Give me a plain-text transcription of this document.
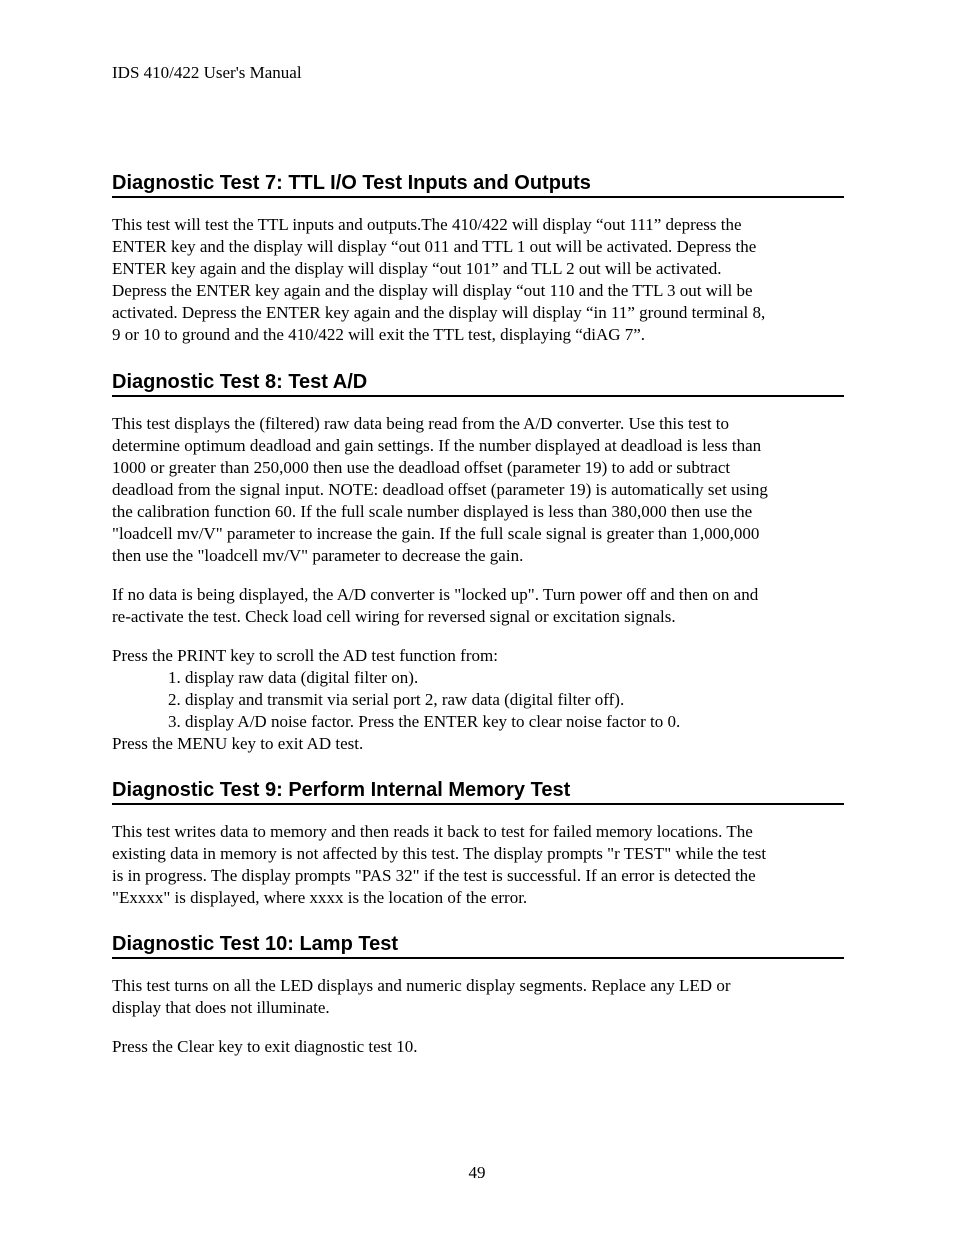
IDS 410/422 User's Manual

Diagnostic Test 7: TTL I/O Test Inputs and Outputs

This test will test the TTL inputs and outputs.The 410/422 will display “out 111” depress the
ENTER key and the display will display “out 011 and TTL 1 out will be activated. Depress the
ENTER key again and the display will display “out 101” and TLL 2 out will be activated.
Depress the ENTER key again and the display will display “out 110 and the TTL 3 out will be
activated. Depress the ENTER key again and the display will display “in 11” ground terminal 8,
9 or 10 to ground and the 410/422 will exit the TTL test, displaying “diAG 7”.

Diagnostic Test 8: Test A/D

This test displays the (filtered) raw data being read from the A/D converter. Use this test to
determine optimum deadload and gain settings. If the number displayed at deadload is less than
1000 or greater than 250,000 then use the deadload offset (parameter 19) to add or subtract
deadload from the signal input. NOTE: deadload offset (parameter 19) is automatically set using
the calibration function 60. If the full scale number displayed is less than 380,000 then use the
"loadcell mv/V" parameter to increase the gain. If the full scale signal is greater than 1,000,000
then use the "loadcell mv/V" parameter to decrease the gain.

If no data is being displayed, the A/D converter is "locked up". Turn power off and then on and
re-activate the test. Check load cell wiring for reversed signal or excitation signals.

Press the PRINT key to scroll the AD test function from:
1. display raw data (digital filter on).
2. display and transmit via serial port 2, raw data (digital filter off).
3. display A/D noise factor. Press the ENTER key to clear noise factor to 0.
Press the MENU key to exit AD test.

Diagnostic Test 9: Perform Internal Memory Test

This test writes data to memory and then reads it back to test for failed memory locations. The
existing data in memory is not affected by this test. The display prompts "r TEST" while the test
is in progress. The display prompts "PAS 32" if the test is successful. If an error is detected the
"Exxxx" is displayed, where xxxx is the location of the error.

Diagnostic Test 10: Lamp Test

This test turns on all the LED displays and numeric display segments. Replace any LED or
display that does not illuminate.

Press the Clear key to exit diagnostic test 10.

49
